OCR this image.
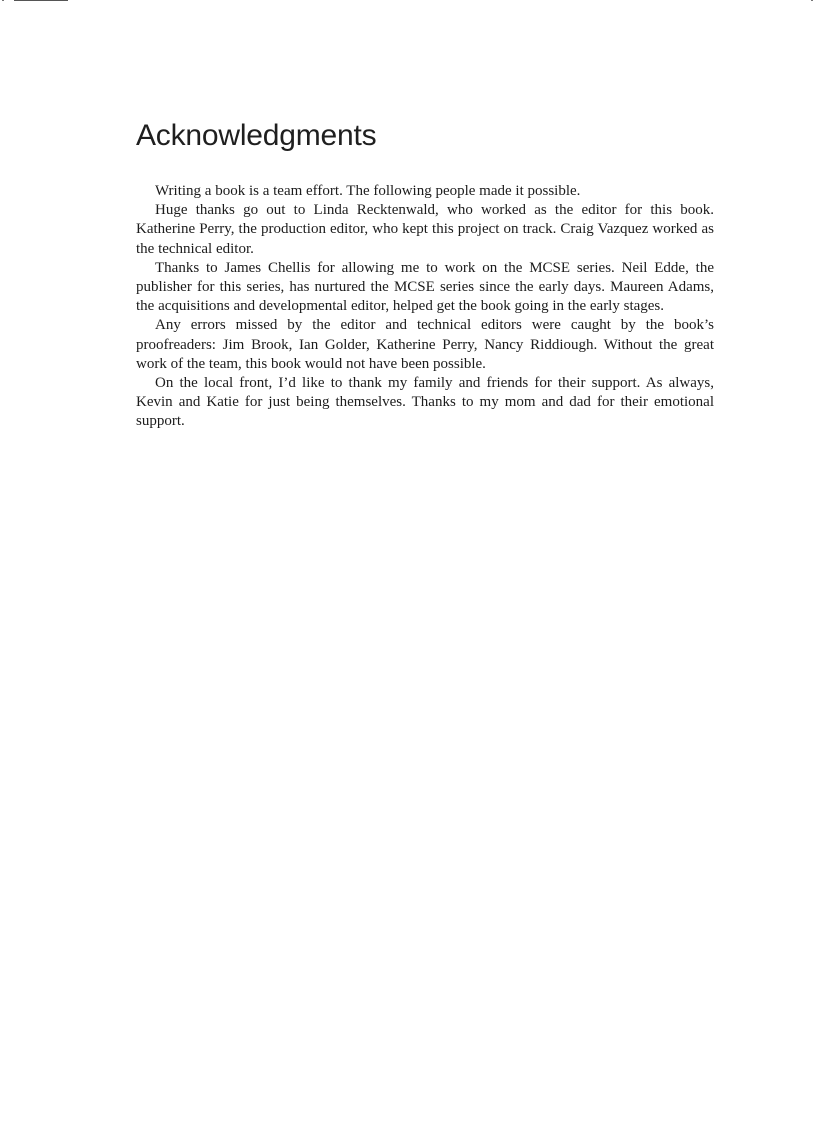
Acknowledgments

Writing a book is a team effort. The following people made it possible.

Huge thanks go out to Linda Recktenwald, who worked as the editor for this book. Katherine Perry, the production editor, who kept this project on track. Craig Vazquez worked as the technical editor.

Thanks to James Chellis for allowing me to work on the MCSE series. Neil Edde, the publisher for this series, has nurtured the MCSE series since the early days. Maureen Adams, the acquisitions and developmental editor, helped get the book going in the early stages.

Any errors missed by the editor and technical editors were caught by the book’s proofreaders: Jim Brook, Ian Golder, Katherine Perry, Nancy Riddiough. Without the great work of the team, this book would not have been possible.

On the local front, I’d like to thank my family and friends for their support. As always, Kevin and Katie for just being themselves. Thanks to my mom and dad for their emotional support.
